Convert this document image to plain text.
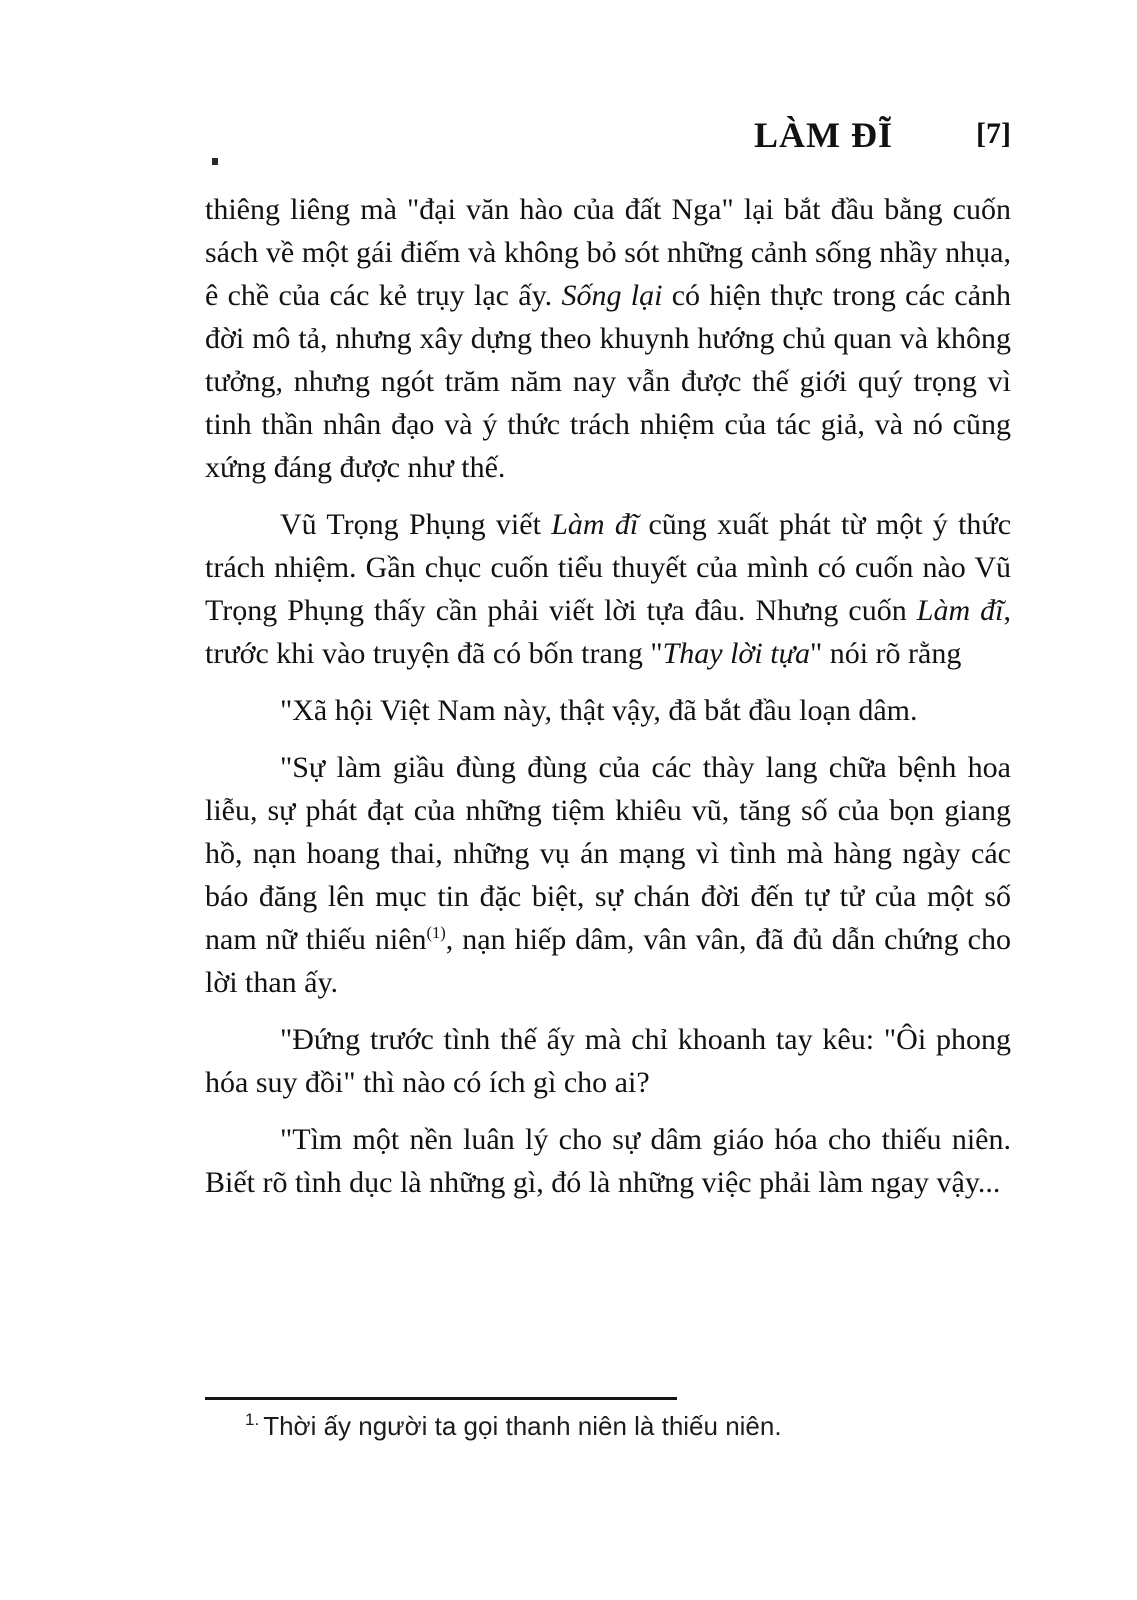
LÀM ĐĨ	[7]

thiêng liêng mà "đại văn hào của đất Nga" lại bắt đầu bằng cuốn sách về một gái điếm và không bỏ sót những cảnh sống nhầy nhụa, ê chề của các kẻ trụy lạc ấy. Sống lại có hiện thực trong các cảnh đời mô tả, nhưng xây dựng theo khuynh hướng chủ quan và không tưởng, nhưng ngót trăm năm nay vẫn được thế giới quý trọng vì tinh thần nhân đạo và ý thức trách nhiệm của tác giả, và nó cũng xứng đáng được như thế.

Vũ Trọng Phụng viết Làm đĩ cũng xuất phát từ một ý thức trách nhiệm. Gần chục cuốn tiểu thuyết của mình có cuốn nào Vũ Trọng Phụng thấy cần phải viết lời tựa đâu. Nhưng cuốn Làm đĩ, trước khi vào truyện đã có bốn trang "Thay lời tựa" nói rõ rằng

"Xã hội Việt Nam này, thật vậy, đã bắt đầu loạn dâm.

"Sự làm giầu đùng đùng của các thày lang chữa bệnh hoa liễu, sự phát đạt của những tiệm khiêu vũ, tăng số của bọn giang hồ, nạn hoang thai, những vụ án mạng vì tình mà hàng ngày các báo đăng lên mục tin đặc biệt, sự chán đời đến tự tử của một số nam nữ thiếu niên$^{(1)}$, nạn hiếp dâm, vân vân, đã đủ dẫn chứng cho lời than ấy.

"Đứng trước tình thế ấy mà chỉ khoanh tay kêu: "Ôi phong hóa suy đồi" thì nào có ích gì cho ai?

"Tìm một nền luân lý cho sự dâm giáo hóa cho thiếu niên. Biết rõ tình dục là những gì, đó là những việc phải làm ngay vậy...

$^{1.}$ Thời ấy người ta gọi thanh niên là thiếu niên.
